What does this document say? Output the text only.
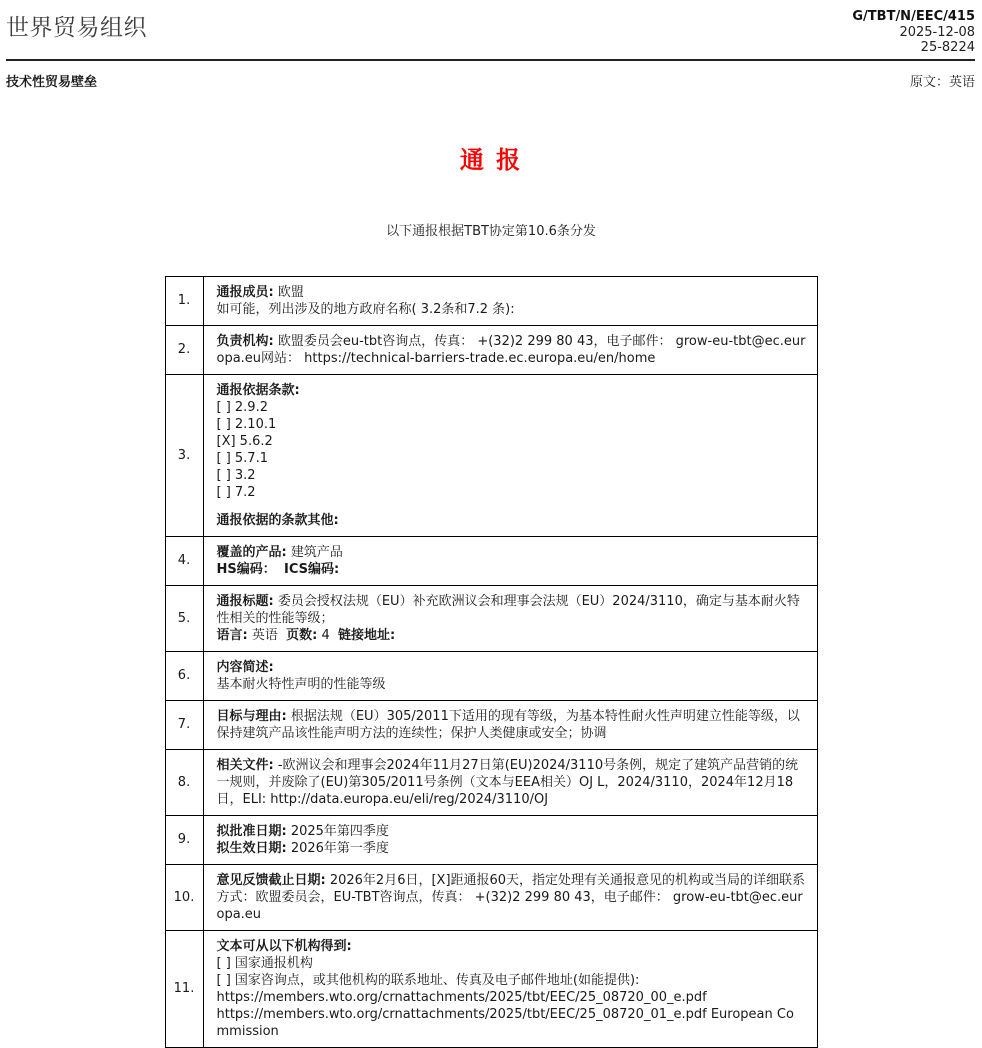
世界贸易组织	G/TBT/N/EEC/415
2025-12-08
25-8224
技术性贸易壁垒	原文：英语
通 报
以下通报根据TBT协定第10.6条分发
1.	通报成员: 欧盟
如可能，列出涉及的地方政府名称( 3.2条和7.2 条):

2.	负责机构: 欧盟委员会eu-tbt咨询点，传真： +(32)2 299 80 43，电子邮件： grow-eu-tbt@ec.europa.eu网站： https://technical-barriers-trade.ec.europa.eu/en/home

3.	
通报依据条款:
[ ] 2.9.2
[ ] 2.10.1
[X] 5.6.2
[ ] 5.7.1
[ ] 3.2
[ ] 7.2

通报依据的条款其他:

4.	覆盖的产品: 建筑产品
HS编码： ICS编码:

5.	通报标题: 委员会授权法规（EU）补充欧洲议会和理事会法规（EU）2024/3110，确定与基本耐火特性相关的性能等级；
语言: 英语  页数: 4  链接地址:

6.	内容简述:
基本耐火特性声明的性能等级

7.	目标与理由: 根据法规（EU）305/2011下适用的现有等级，为基本特性耐火性声明建立性能等级，以保持建筑产品该性能声明方法的连续性；保护人类健康或安全；协调

8.	相关文件: -欧洲议会和理事会2024年11月27日第(EU)2024/3110号条例，规定了建筑产品营销的统一规则，并废除了(EU)第305/2011号条例（文本与EEA相关）OJ L，2024/3110，2024年12月18日，ELI: http://data.europa.eu/eli/reg/2024/3110/OJ

9.	拟批准日期: 2025年第四季度
拟生效日期: 2026年第一季度

10.	意见反馈截止日期: 2026年2月6日，[X]距通报60天，指定处理有关通报意见的机构或当局的详细联系方式：欧盟委员会，EU-TBT咨询点，传真： +(32)2 299 80 43，电子邮件： grow-eu-tbt@ec.europa.eu

11.	文本可从以下机构得到:
[ ] 国家通报机构
[ ] 国家咨询点，或其他机构的联系地址、传真及电子邮件地址(如能提供):
https://members.wto.org/crnattachments/2025/tbt/EEC/25_08720_00_e.pdf
https://members.wto.org/crnattachments/2025/tbt/EEC/25_08720_01_e.pdf European Commission
